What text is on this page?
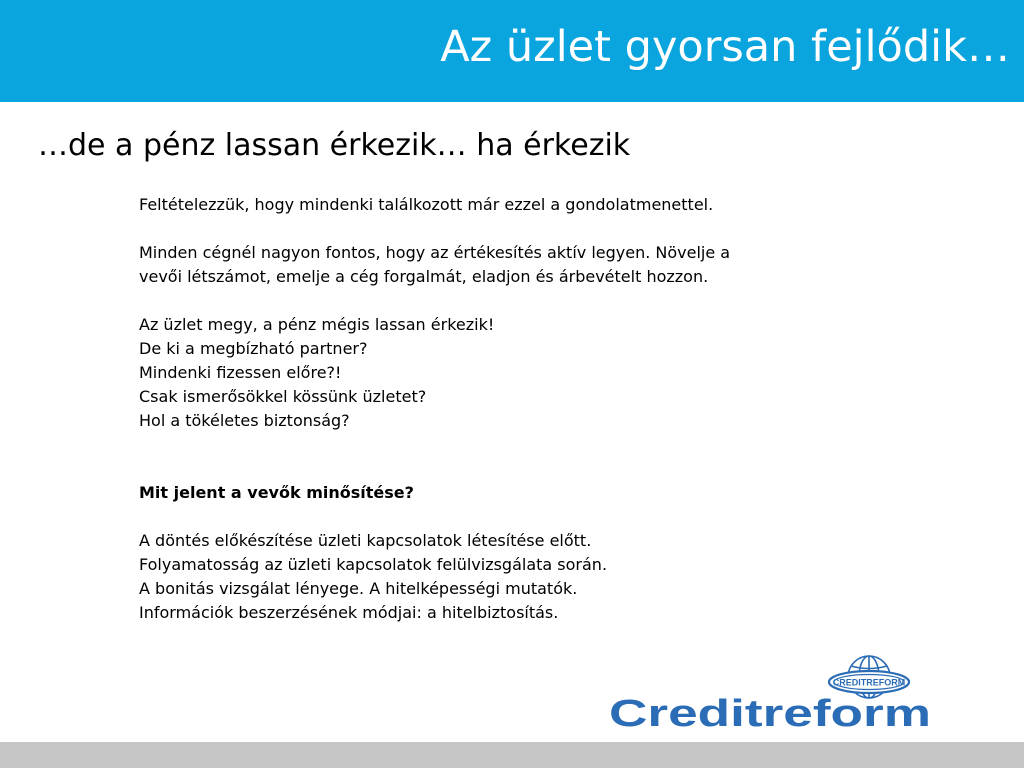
Az üzlet gyorsan fejlődik…
…de a pénz lassan érkezik… ha érkezik

Feltételezzük, hogy mindenki találkozott már ezzel a gondolatmenettel.

Minden cégnél nagyon fontos, hogy az értékesítés aktív legyen. Növelje a

vevői létszámot, emelje a cég forgalmát, eladjon és árbevételt hozzon.

Az üzlet megy, a pénz mégis lassan érkezik!

De ki a megbízható partner?

Mindenki fizessen előre?!

Csak ismerősökkel kössünk üzletet?

Hol a tökéletes biztonság?

Mit jelent a vevők minősítése?

A döntés előkészítése üzleti kapcsolatok létesítése előtt.

Folyamatosság az üzleti kapcsolatok felülvizsgálata során.

A bonitás vizsgálat lényege. A hitelképességi mutatók.

Információk beszerzésének módjai: a hitelbiztosítás.

CREDITREFORM
Creditreform
